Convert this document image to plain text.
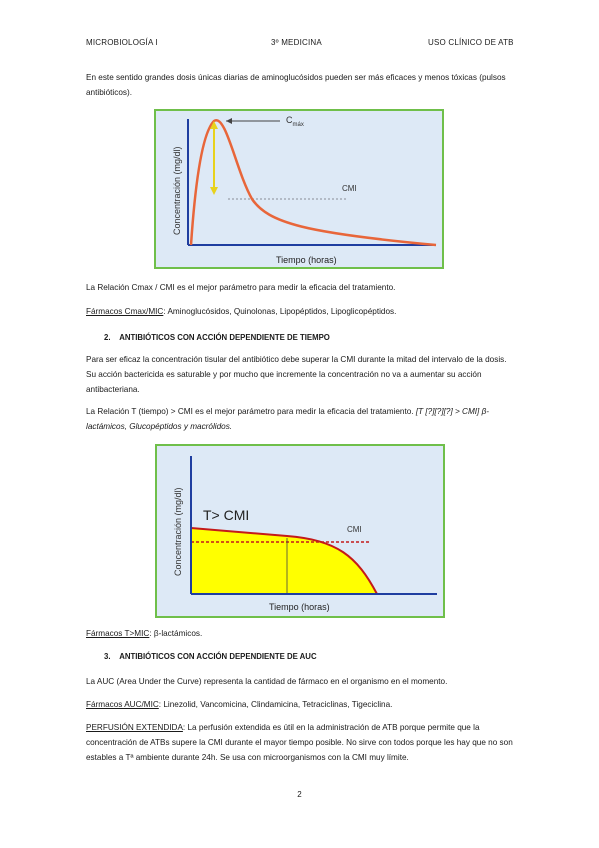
MICROBIOLOGÍA I	3º MEDICINA	USO CLÍNICO DE ATB
En este sentido grandes dosis únicas diarias de aminoglucósidos pueden ser más eficaces y menos tóxicas (pulsos antibióticos).
Concentración (mg/dl)
Tiempo (horas)
CMI
$C_{máx}$
La Relación Cmax / CMI es el mejor parámetro para medir la eficacia del tratamiento.
Fármacos Cmax/MIC: Aminoglucósidos, Quinolonas, Lipopéptidos, Lipoglicopéptidos.
2. ANTIBIÓTICOS CON ACCIÓN DEPENDIENTE DE TIEMPO
Para ser eficaz la concentración tisular del antibiótico debe superar la CMI durante la mitad del intervalo de la dosis. Su acción bactericida es saturable y por mucho que incremente la concentración no va a aumentar su acción antibacteriana.
La Relación T (tiempo) > CMI es el mejor parámetro para medir la eficacia del tratamiento. [T [?][?][?] > CMI] β-lactámicos, Glucopéptidos y macrólidos.
CMI
T> CMI
Concentración (mg/dl)
Tiempo (horas)
Fármacos T>MIC: β-lactámicos.
3. ANTIBIÓTICOS CON ACCIÓN DEPENDIENTE DE AUC
La AUC (Area Under the Curve) representa la cantidad de fármaco en el organismo en el momento.
Fármacos AUC/MIC: Linezolid, Vancomicina, Clindamicina, Tetraciclinas, Tigeciclina.
PERFUSIÓN EXTENDIDA: La perfusión extendida es útil en la administración de ATB porque permite que la concentración de ATBs supere la CMI durante el mayor tiempo posible. No sirve con todos porque les hay que no son estables a Tª ambiente durante 24h. Se usa con microorganismos con la CMI muy límite.
2
